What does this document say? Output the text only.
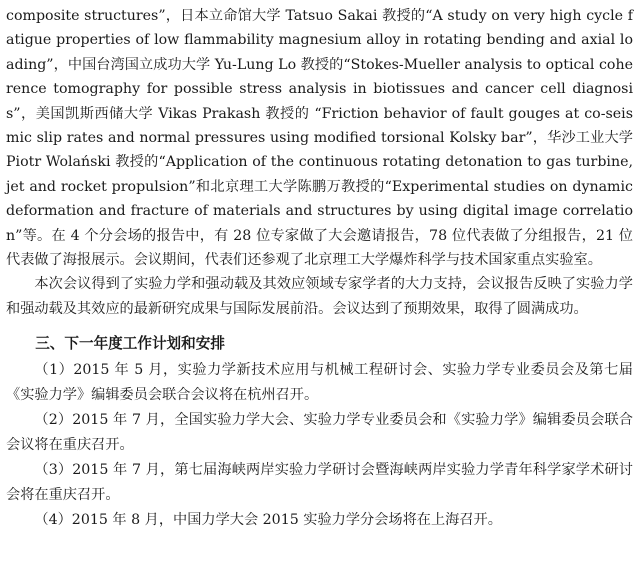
composite structures”，日本立命馆大学 Tatsuo Sakai 教授的“A study on very high cycle fatigue properties of low flammability magnesium alloy in rotating bending and axial loading”，中国台湾国立成功大学 Yu-Lung Lo 教授的“Stokes-Mueller analysis to optical coherence tomography for possible stress analysis in biotissues and cancer cell diagnosis”，美国凯斯西储大学 Vikas Prakash 教授的 “Friction behavior of fault gouges at co-seismic slip rates and normal pressures using modified torsional Kolsky bar”，华沙工业大学 Piotr Wolański 教授的“Application of the continuous rotating detonation to gas turbine, jet and rocket propulsion”和北京理工大学陈鹏万教授的“Experimental studies on dynamic deformation and fracture of materials and structures by using digital image correlation”等。在 4 个分会场的报告中，有 28 位专家做了大会邀请报告，78 位代表做了分组报告，21 位代表做了海报展示。会议期间，代表们还参观了北京理工大学爆炸科学与技术国家重点实验室。

本次会议得到了实验力学和强动载及其效应领域专家学者的大力支持，会议报告反映了实验力学和强动载及其效应的最新研究成果与国际发展前沿。会议达到了预期效果，取得了圆满成功。

三、下一年度工作计划和安排

（1）2015 年 5 月，实验力学新技术应用与机械工程研讨会、实验力学专业委员会及第七届《实验力学》编辑委员会联合会议将在杭州召开。

（2）2015 年 7 月，全国实验力学大会、实验力学专业委员会和《实验力学》编辑委员会联合会议将在重庆召开。

（3）2015 年 7 月，第七届海峡两岸实验力学研讨会暨海峡两岸实验力学青年科学家学术研讨会将在重庆召开。

（4）2015 年 8 月，中国力学大会 2015 实验力学分会场将在上海召开。
